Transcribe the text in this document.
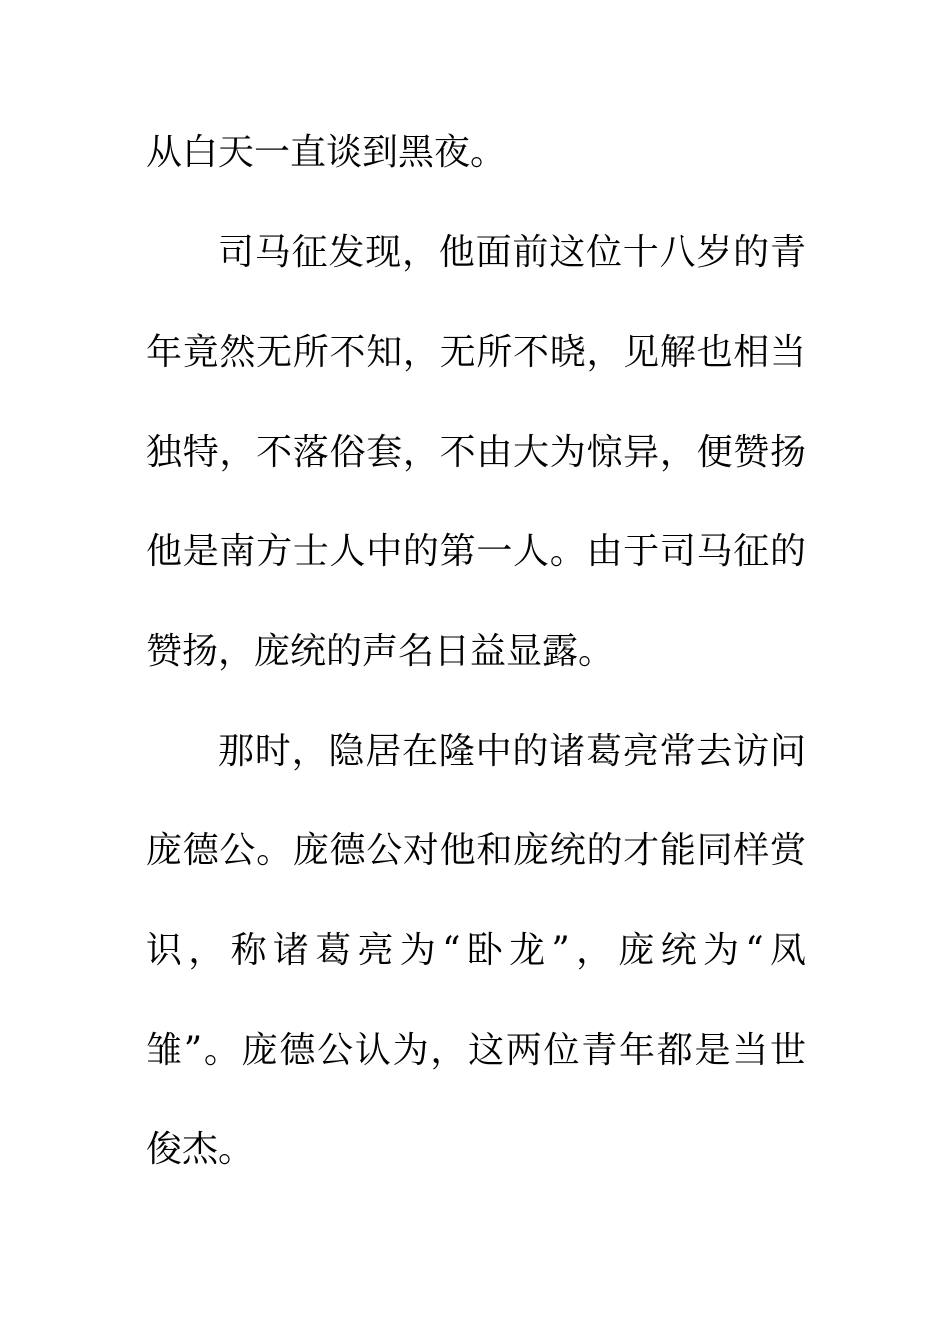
从白天一直谈到黑夜。
司马征发现，他面前这位十八岁的青
年竟然无所不知，无所不晓，见解也相当
独特，不落俗套，不由大为惊异，便赞扬
他是南方士人中的第一人。由于司马征的
赞扬，庞统的声名日益显露。
那时，隐居在隆中的诸葛亮常去访问
庞德公。庞德公对他和庞统的才能同样赏
识，称诸葛亮为“卧龙”，庞统为“凤
雏”。庞德公认为，这两位青年都是当世
俊杰。
